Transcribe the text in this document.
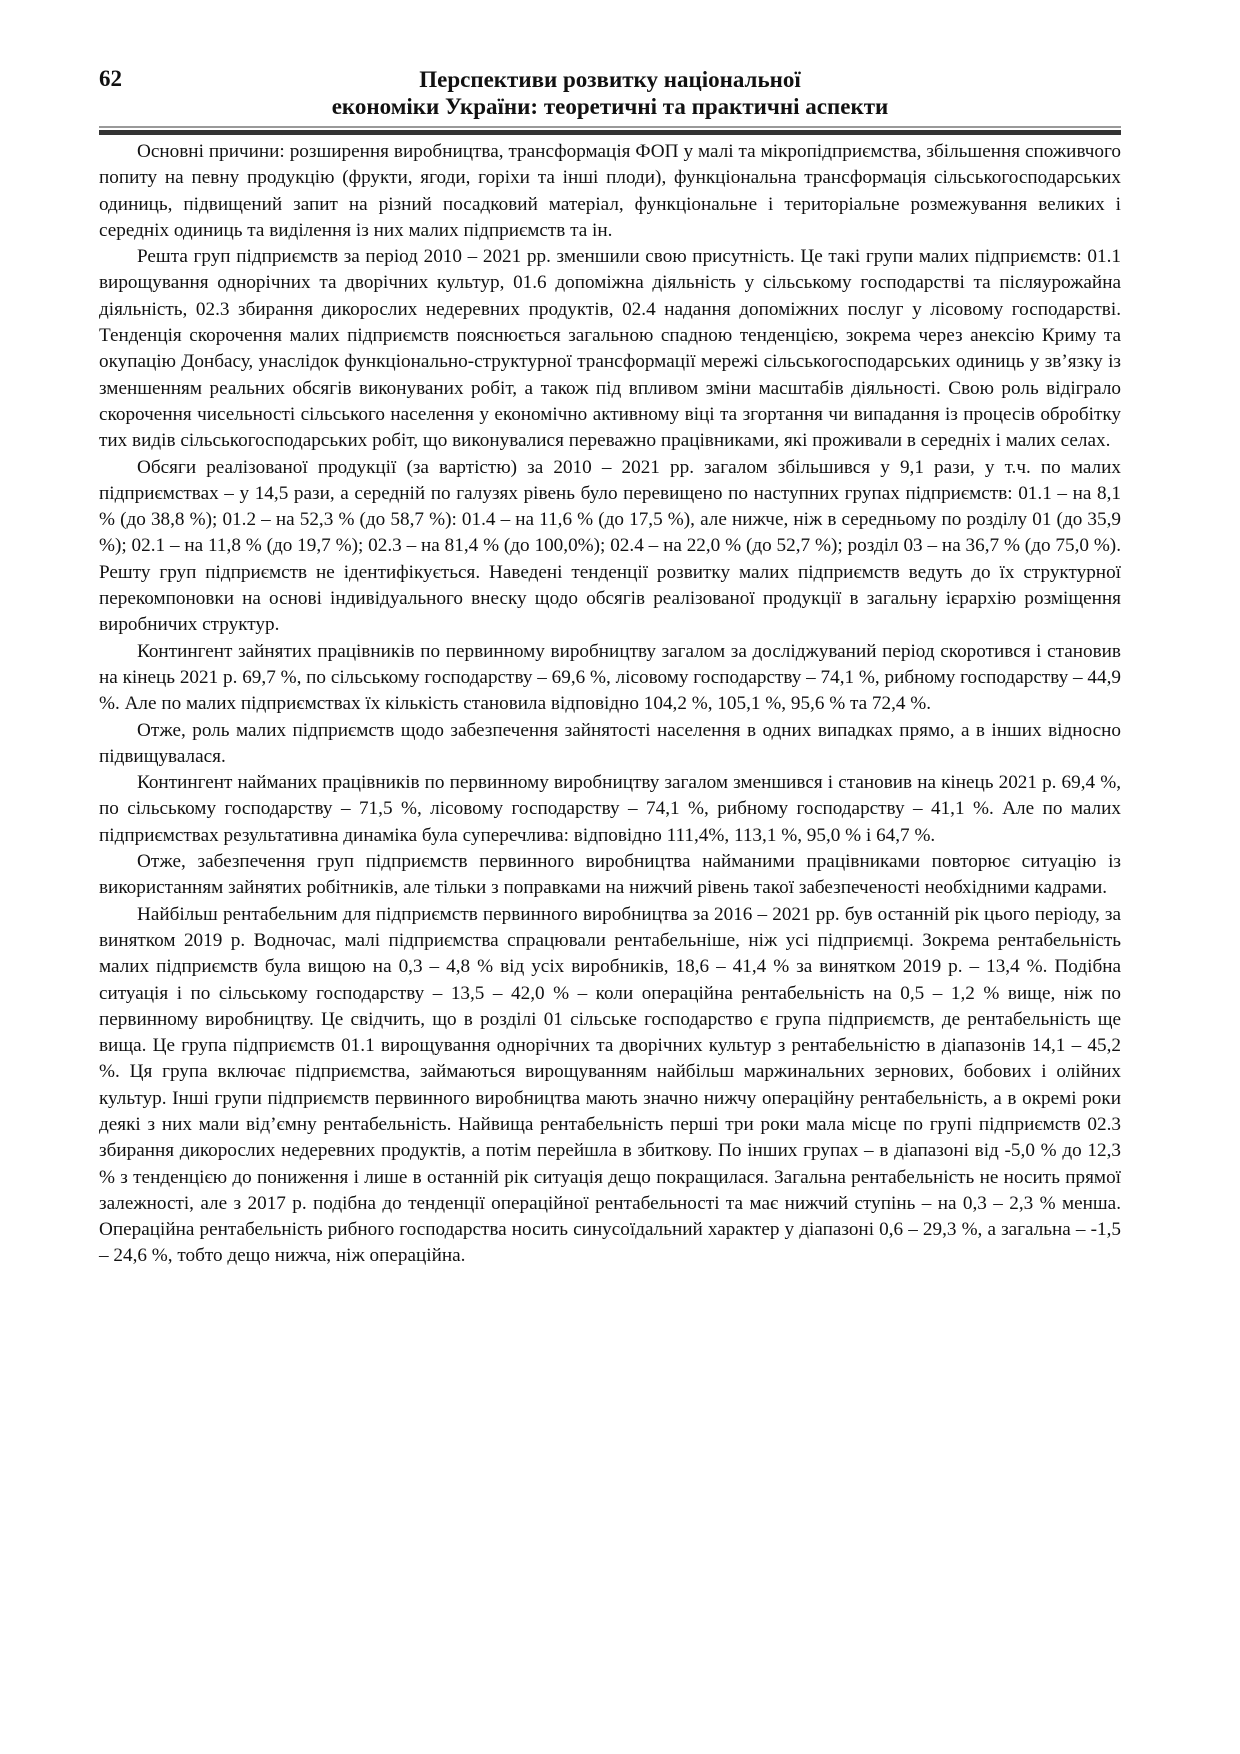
62	Перспективи розвитку національної
економіки України: теоретичні та практичні аспекти

Основні причини: розширення виробництва, трансформація ФОП у малі та мікропідприємства, збільшення споживчого попиту на певну продукцію (фрукти, ягоди, горіхи та інші плоди), функціональна трансформація сільськогосподарських одиниць, підвищений запит на різний посадковий матеріал, функціональне і територіальне розмежування великих і середніх одиниць та виділення із них малих підприємств та ін.

Решта груп підприємств за період 2010 – 2021 рр. зменшили свою присутність. Це такі групи малих підприємств: 01.1 вирощування однорічних та дворічних культур, 01.6 допоміжна діяльність у сільському господарстві та післяурожайна діяльність, 02.3 збирання дикорослих недеревних продуктів, 02.4 надання допоміжних послуг у лісовому господарстві. Тенденція скорочення малих підприємств пояснюється загальною спадною тенденцією, зокрема через анексію Криму та окупацію Донбасу, унаслідок функціонально-структурної трансформації мережі сільськогосподарських одиниць у зв’язку із зменшенням реальних обсягів виконуваних робіт, а також під впливом зміни масштабів діяльності. Свою роль відіграло скорочення чисельності сільського населення у економічно активному віці та згортання чи випадання із процесів обробітку тих видів сільськогосподарських робіт, що виконувалися переважно працівниками, які проживали в середніх і малих селах.

Обсяги реалізованої продукції (за вартістю) за 2010 – 2021 рр. загалом збільшився у 9,1 рази, у т.ч. по малих підприємствах – у 14,5 рази, а середній по галузях рівень було перевищено по наступних групах підприємств: 01.1 – на 8,1 % (до 38,8 %); 01.2 – на 52,3 % (до 58,7 %): 01.4 – на 11,6 % (до 17,5 %), але нижче, ніж в середньому по розділу 01 (до 35,9 %); 02.1 – на 11,8 % (до 19,7 %); 02.3 – на 81,4 % (до 100,0%); 02.4 – на 22,0 % (до 52,7 %); розділ 03 – на 36,7 % (до 75,0 %). Решту груп підприємств не ідентифікується. Наведені тенденції розвитку малих підприємств ведуть до їх структурної перекомпоновки на основі індивідуального внеску щодо обсягів реалізованої продукції в загальну ієрархію розміщення виробничих структур.

Контингент зайнятих працівників по первинному виробництву загалом за досліджуваний період скоротився і становив на кінець 2021 р. 69,7 %, по сільському господарству – 69,6 %, лісовому господарству – 74,1 %, рибному господарству – 44,9 %. Але по малих підприємствах їх кількість становила відповідно 104,2 %, 105,1 %, 95,6 % та 72,4 %.

Отже, роль малих підприємств щодо забезпечення зайнятості населення в одних випадках прямо, а в інших відносно підвищувалася.

Контингент найманих працівників по первинному виробництву загалом зменшився і становив на кінець 2021 р. 69,4 %, по сільському господарству – 71,5 %, лісовому господарству – 74,1 %, рибному господарству – 41,1 %. Але по малих підприємствах результативна динаміка була суперечлива: відповідно 111,4%, 113,1 %, 95,0 % і 64,7 %.

Отже, забезпечення груп підприємств первинного виробництва найманими працівниками повторює ситуацію із використанням зайнятих робітників, але тільки з поправками на нижчий рівень такої забезпеченості необхідними кадрами.

Найбільш рентабельним для підприємств первинного виробництва за 2016 – 2021 рр. був останній рік цього періоду, за винятком 2019 р. Водночас, малі підприємства спрацювали рентабельніше, ніж усі підприємці. Зокрема рентабельність малих підприємств була вищою на 0,3 – 4,8 % від усіх виробників, 18,6 – 41,4 % за винятком 2019 р. – 13,4 %. Подібна ситуація і по сільському господарству – 13,5 – 42,0 % – коли операційна рентабельність на 0,5 – 1,2 % вище, ніж по первинному виробництву. Це свідчить, що в розділі 01 сільське господарство є група підприємств, де рентабельність ще вища. Це група підприємств 01.1 вирощування однорічних та дворічних культур з рентабельністю в діапазонів 14,1 – 45,2 %. Ця група включає підприємства, займаються вирощуванням найбільш маржинальних зернових, бобових і олійних культур. Інші групи підприємств первинного виробництва мають значно нижчу операційну рентабельність, а в окремі роки деякі з них мали від’ємну рентабельність. Найвища рентабельність перші три роки мала місце по групі підприємств 02.3 збирання дикорослих недеревних продуктів, а потім перейшла в збиткову. По інших групах – в діапазоні від -5,0 % до 12,3 % з тенденцією до пониження і лише в останній рік ситуація дещо покращилася. Загальна рентабельність не носить прямої залежності, але з 2017 р. подібна до тенденції операційної рентабельності та має нижчий ступінь – на 0,3 – 2,3 % менша. Операційна рентабельність рибного господарства носить синусоїдальний характер у діапазоні 0,6 – 29,3 %, а загальна – -1,5 – 24,6 %, тобто дещо нижча, ніж операційна.
